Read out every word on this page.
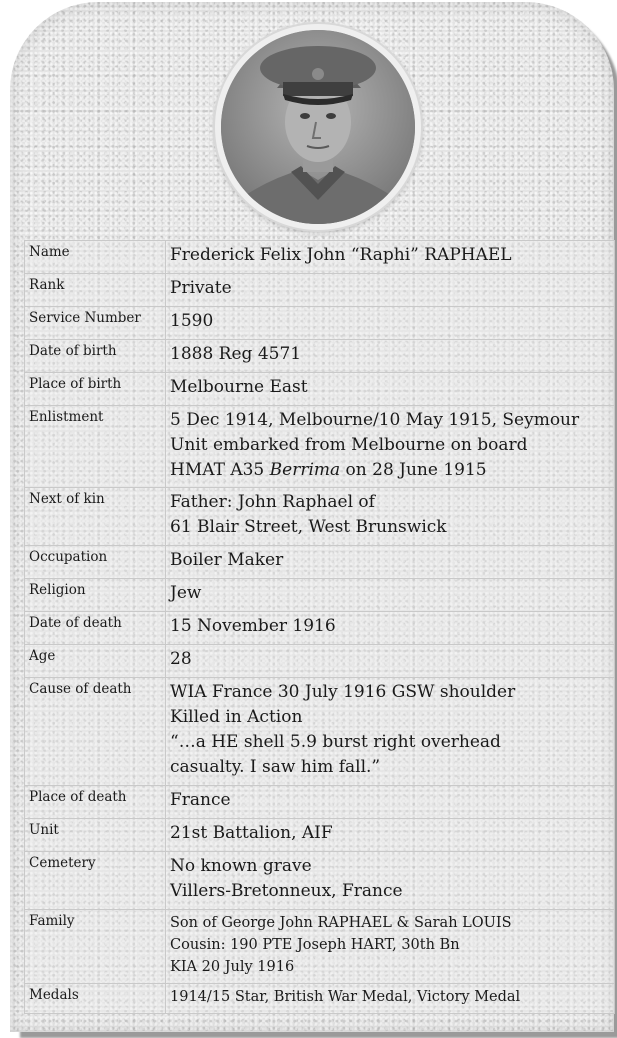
Name	Frederick Felix John “Raphi” RAPHAEL

Rank	Private

Service Number	1590

Date of birth	1888 Reg 4571

Place of birth	Melbourne East

Enlistment	5 Dec 1914, Melbourne/10 May 1915, Seymour
Unit embarked from Melbourne on board
HMAT A35 Berrima on 28 June 1915

Next of kin	Father: John Raphael of
61 Blair Street, West Brunswick

Occupation	Boiler Maker

Religion	Jew

Date of death	15 November 1916

Age	28

Cause of death	WIA France 30 July 1916 GSW shoulder
Killed in Action
“…a HE shell 5.9 burst right overhead
casualty. I saw him fall.”

Place of death	France

Unit	21st Battalion, AIF

Cemetery	No known grave
Villers-Bretonneux, France

Family	Son of George John RAPHAEL & Sarah LOUIS
Cousin: 190 PTE Joseph HART, 30th Bn
KIA 20 July 1916

Medals	1914/15 Star, British War Medal, Victory Medal
